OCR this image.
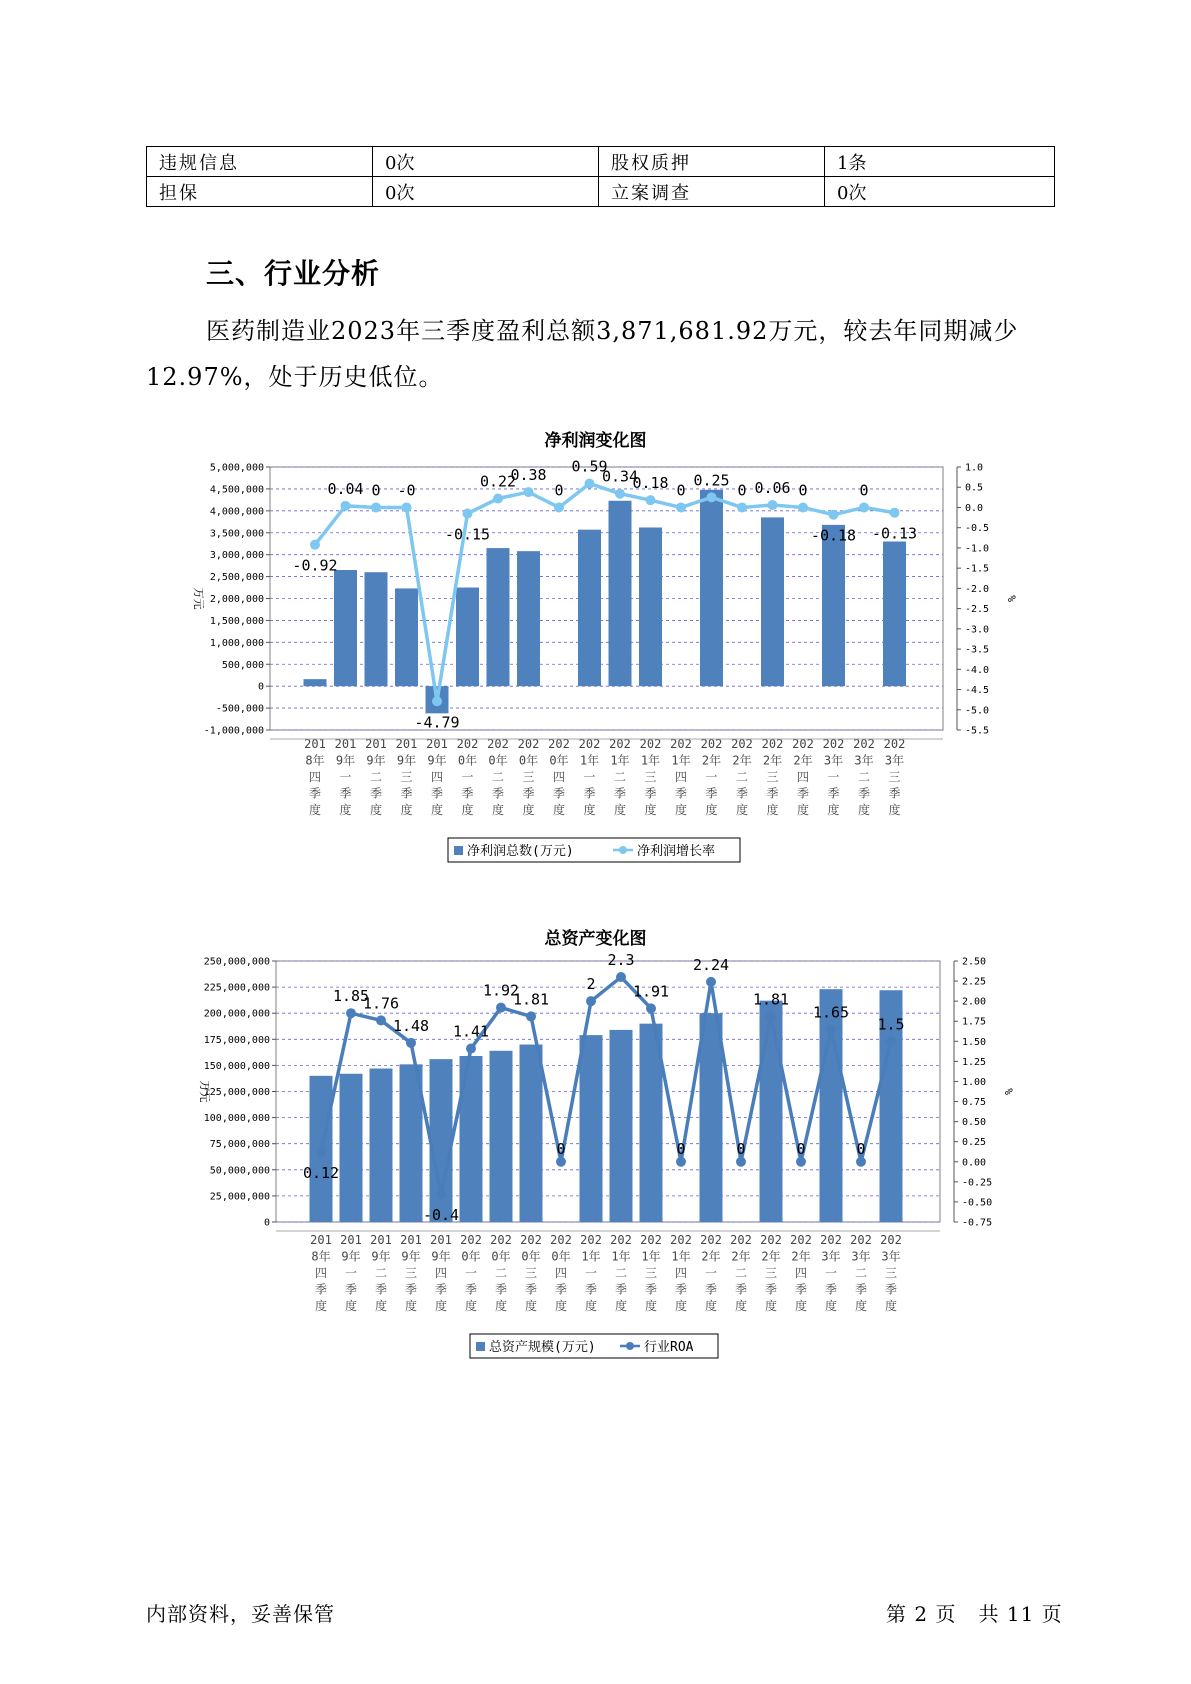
违规信息	0次	股权质押	1条
担保	0次	立案调查	0次
三、行业分析

医药制造业2023年三季度盈利总额3,871,681.92万元，较去年同期减少12.97%，处于历史低位。

净利润变化图
5,000,000
4,500,000
4,000,000
3,500,000
3,000,000
2,500,000
2,000,000
1,500,000
1,000,000
500,000
0
-500,000
-1,000,000
1.0
0.5
0.0
-0.5
-1.0
-1.5
-2.0
-2.5
-3.0
-3.5
-4.0
-4.5
-5.0
-5.5
万元	%
-0.92
0.04 0 -0
-4.79
-0.15
0.22
0.38
0
0.59
0.34
0.18 0
0.25
0 0.06 0
-0.18
0
-0.13
201
8年
四
季
度
201
9年
一
季
度
201
9年
二
季
度
201
9年
三
季
度
201
9年
四
季
度
202
0年
一
季
度
202
0年
二
季
度
202
0年
三
季
度
202
0年
四
季
度
202
1年
一
季
度
202
1年
二
季
度
202
1年
三
季
度
202
1年
四
季
度
202
2年
一
季
度
202
2年
二
季
度
202
2年
三
季
度
202
2年
四
季
度
202
3年
一
季
度
202
3年
二
季
度
202
3年
三
季
度
净利润总数(万元)	净利润增长率
总资产变化图
250,000,000
225,000,000
200,000,000
175,000,000
150,000,000
125,000,000
100,000,000
75,000,000
50,000,000
25,000,000
0
2.50
2.25
2.00
1.75
1.50
1.25
1.00
0.75
0.50
0.25
0.00
-0.25
-0.50
-0.75
万元	%
0.12
1.85
1.76
1.48
-0.4
1.41
1.92
1.81
0
2
2.3
1.91
0
2.24
0
1.81
0
1.65
0
1.5
201
8年
四
季
度
201
9年
一
季
度
201
9年
二
季
度
201
9年
三
季
度
201
9年
四
季
度
202
0年
一
季
度
202
0年
二
季
度
202
0年
三
季
度
202
0年
四
季
度
202
1年
一
季
度
202
1年
二
季
度
202
1年
三
季
度
202
1年
四
季
度
202
2年
一
季
度
202
2年
二
季
度
202
2年
三
季
度
202
2年
四
季
度
202
3年
一
季
度
202
3年
二
季
度
202
3年
三
季
度
总资产规模(万元)	行业ROA
内部资料，妥善保管	第 2 页   共 11 页
